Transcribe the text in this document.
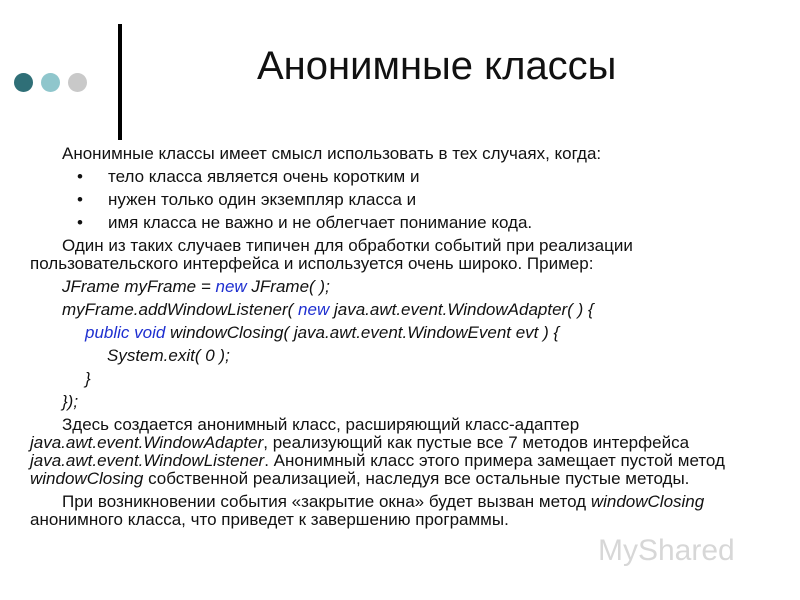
Анонимные классы
Анонимные классы имеет смысл использовать в тех случаях, когда:
•	тело класса является очень коротким и
•	нужен только один экземпляр класса и
•	имя класса не важно и не облегчает понимание кода.
Один из таких случаев типичен для обработки событий при реализации пользовательского интерфейса и используется очень широко. Пример:
JFrame myFrame = new JFrame( );
myFrame.addWindowListener( new java.awt.event.WindowAdapter( ) {
public void windowClosing( java.awt.event.WindowEvent evt ) {
System.exit( 0 );
}
});
Здесь создается анонимный класс, расширяющий класс-адаптер java.awt.event.WindowAdapter, реализующий как пустые все 7 методов интерфейса java.awt.event.WindowListener. Анонимный класс этого примера замещает пустой метод windowClosing собственной реализацией, наследуя все остальные пустые методы.
При возникновении события «закрытие окна» будет вызван метод windowClosing анонимного класса, что приведет к завершению программы.
MyShared
